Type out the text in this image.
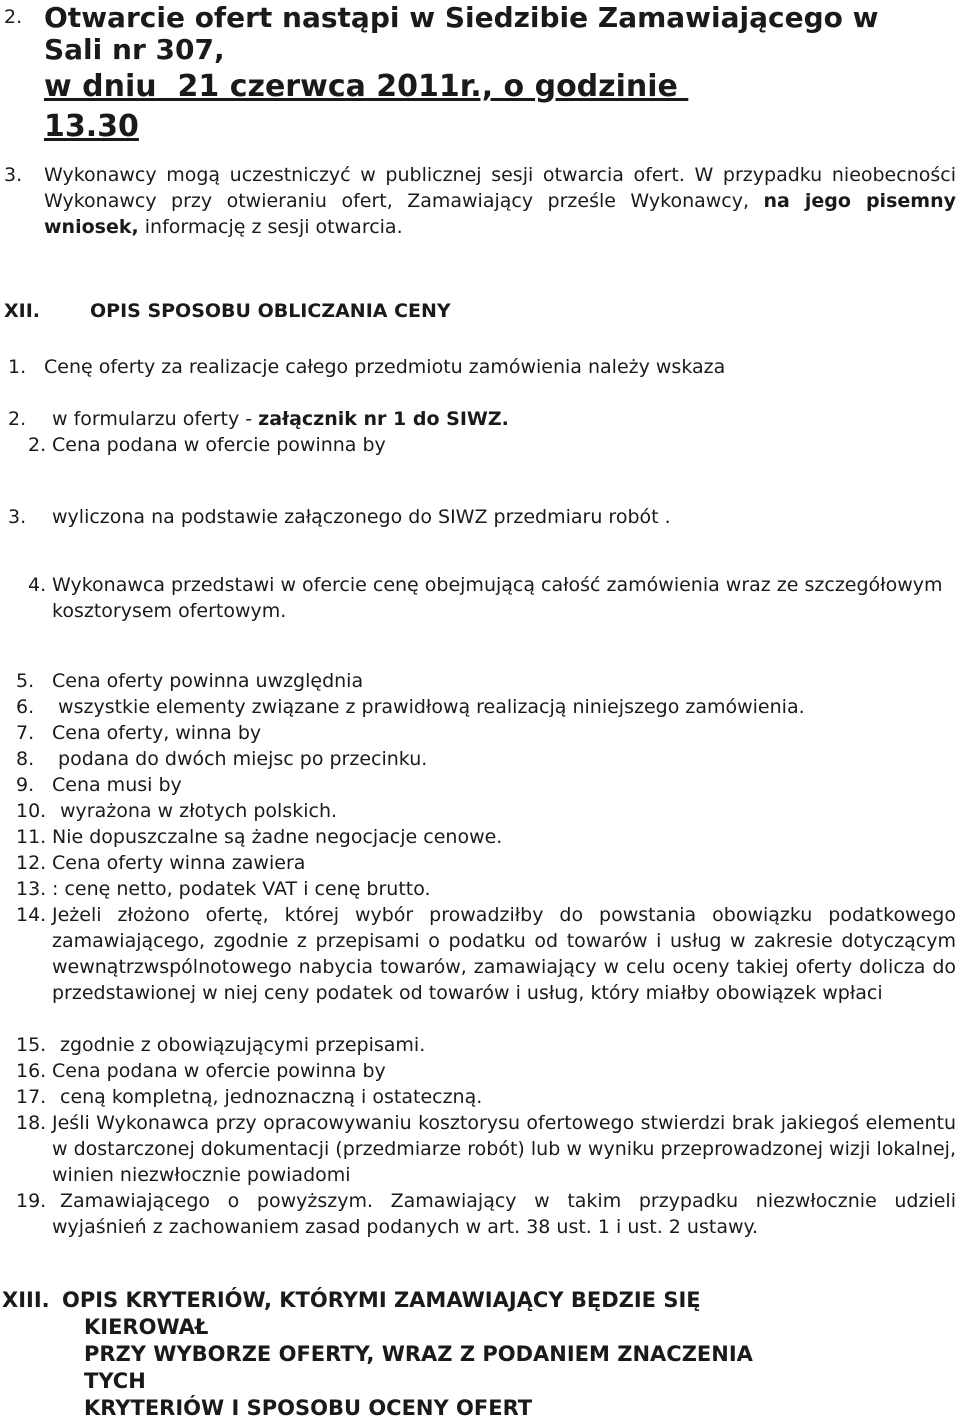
2. Otwarcie ofert nastąpi w Siedzibie Zamawiającego w
Sali nr 307,
w dniu  21 czerwca 2011r., o godzinie
13.30
3. Wykonawcy mogą uczestniczyć w publicznej sesji otwarcia ofert. W przypadku nieobecności Wykonawcy przy otwieraniu ofert, Zamawiający prześle Wykonawcy, na jego pisemny wniosek, informację z sesji otwarcia.
XII.	OPIS SPOSOBU OBLICZANIA CENY
1. Cenę oferty za realizacje całego przedmiotu zamówienia należy wskaza
2. w formularzu oferty - załącznik nr 1 do SIWZ.
2. Cena podana w ofercie powinna by
3. wyliczona na podstawie załączonego do SIWZ przedmiaru robót .
4. Wykonawca przedstawi w ofercie cenę obejmującą całość zamówienia wraz ze szczegółowym kosztorysem ofertowym.
5. Cena oferty powinna uwzględnia
6. wszystkie elementy związane z prawidłową realizacją niniejszego zamówienia.
7. Cena oferty, winna by
8. podana do dwóch miejsc po przecinku.
9. Cena musi by
10. wyrażona w złotych polskich.
11. Nie dopuszczalne są żadne negocjacje cenowe.
12. Cena oferty winna zawiera
13. : cenę netto, podatek VAT i cenę brutto.
14. Jeżeli złożono ofertę, której wybór prowadziłby do powstania obowiązku podatkowego zamawiającego, zgodnie z przepisami o podatku od towarów i usług w zakresie dotyczącym wewnątrzwspólnotowego nabycia towarów, zamawiający w celu oceny takiej oferty dolicza do przedstawionej w niej ceny podatek od towarów i usług, który miałby obowiązek wpłaci
15. zgodnie z obowiązującymi przepisami.
16. Cena podana w ofercie powinna by
17. ceną kompletną, jednoznaczną i ostateczną.
18. Jeśli Wykonawca przy opracowywaniu kosztorysu ofertowego stwierdzi brak jakiegoś elementu w dostarczonej dokumentacji (przedmiarze robót) lub w wyniku przeprowadzonej wizji lokalnej, winien niezwłocznie powiadomi
19. Zamawiającego o powyższym. Zamawiający w takim przypadku niezwłocznie udzieli wyjaśnień z zachowaniem zasad podanych w art. 38 ust. 1 i ust. 2 ustawy.
XIII. OPIS KRYTERIÓW, KTÓRYMI ZAMAWIAJĄCY BĘDZIE SIĘ
KIEROWAŁ
PRZY WYBORZE OFERTY, WRAZ Z PODANIEM ZNACZENIA
TYCH
KRYTERIÓW I SPOSOBU OCENY OFERT
